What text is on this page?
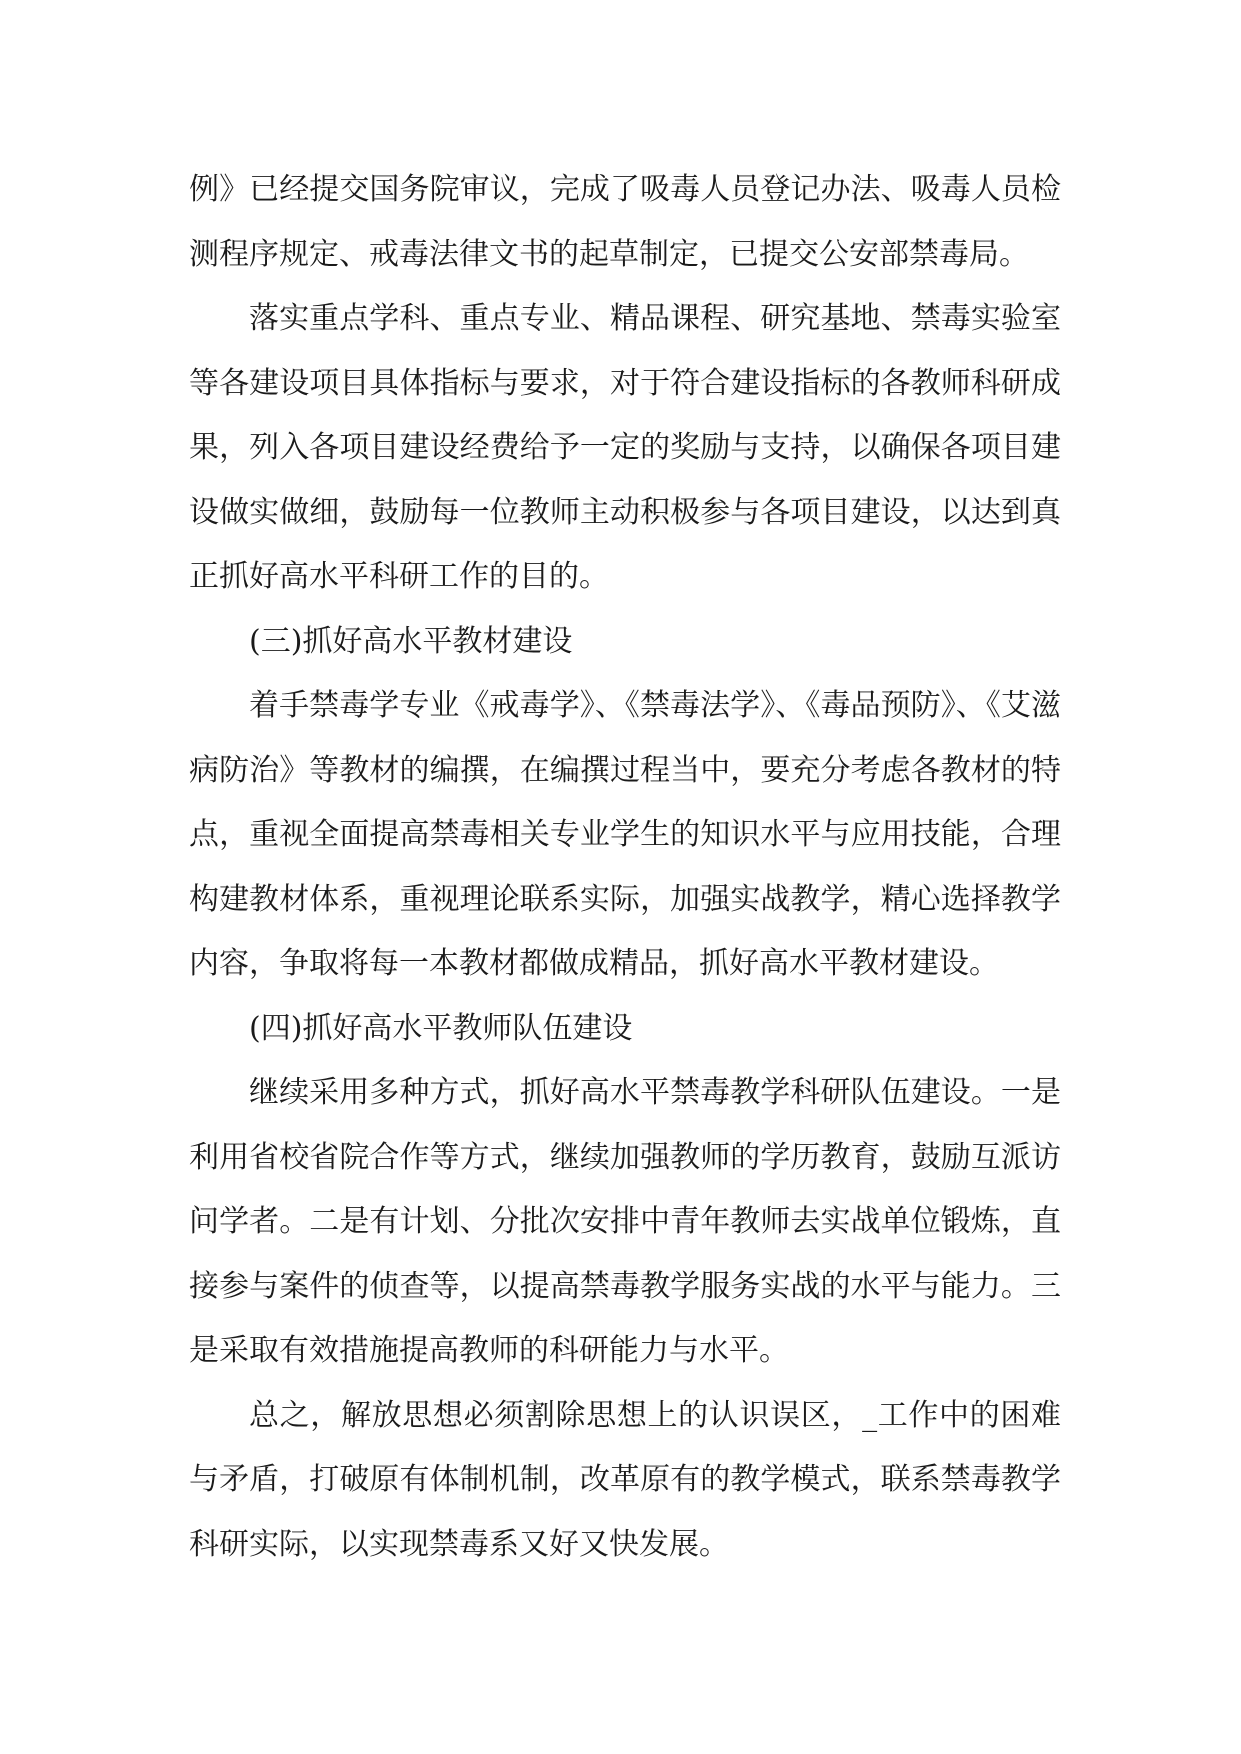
例》已经提交国务院审议，完成了吸毒人员登记办法、吸毒人员检测程序规定、戒毒法律文书的起草制定，已提交公安部禁毒局。

落实重点学科、重点专业、精品课程、研究基地、禁毒实验室等各建设项目具体指标与要求，对于符合建设指标的各教师科研成果，列入各项目建设经费给予一定的奖励与支持，以确保各项目建设做实做细，鼓励每一位教师主动积极参与各项目建设，以达到真正抓好高水平科研工作的目的。

(三)抓好高水平教材建设

着手禁毒学专业《戒毒学》、《禁毒法学》、《毒品预防》、《艾滋病防治》等教材的编撰，在编撰过程当中，要充分考虑各教材的特点，重视全面提高禁毒相关专业学生的知识水平与应用技能，合理构建教材体系，重视理论联系实际，加强实战教学，精心选择教学内容，争取将每一本教材都做成精品，抓好高水平教材建设。

(四)抓好高水平教师队伍建设

继续采用多种方式，抓好高水平禁毒教学科研队伍建设。一是利用省校省院合作等方式，继续加强教师的学历教育，鼓励互派访问学者。二是有计划、分批次安排中青年教师去实战单位锻炼，直接参与案件的侦查等，以提高禁毒教学服务实战的水平与能力。三是采取有效措施提高教师的科研能力与水平。

总之，解放思想必须割除思想上的认识误区，_工作中的困难与矛盾，打破原有体制机制，改革原有的教学模式，联系禁毒教学科研实际，以实现禁毒系又好又快发展。
